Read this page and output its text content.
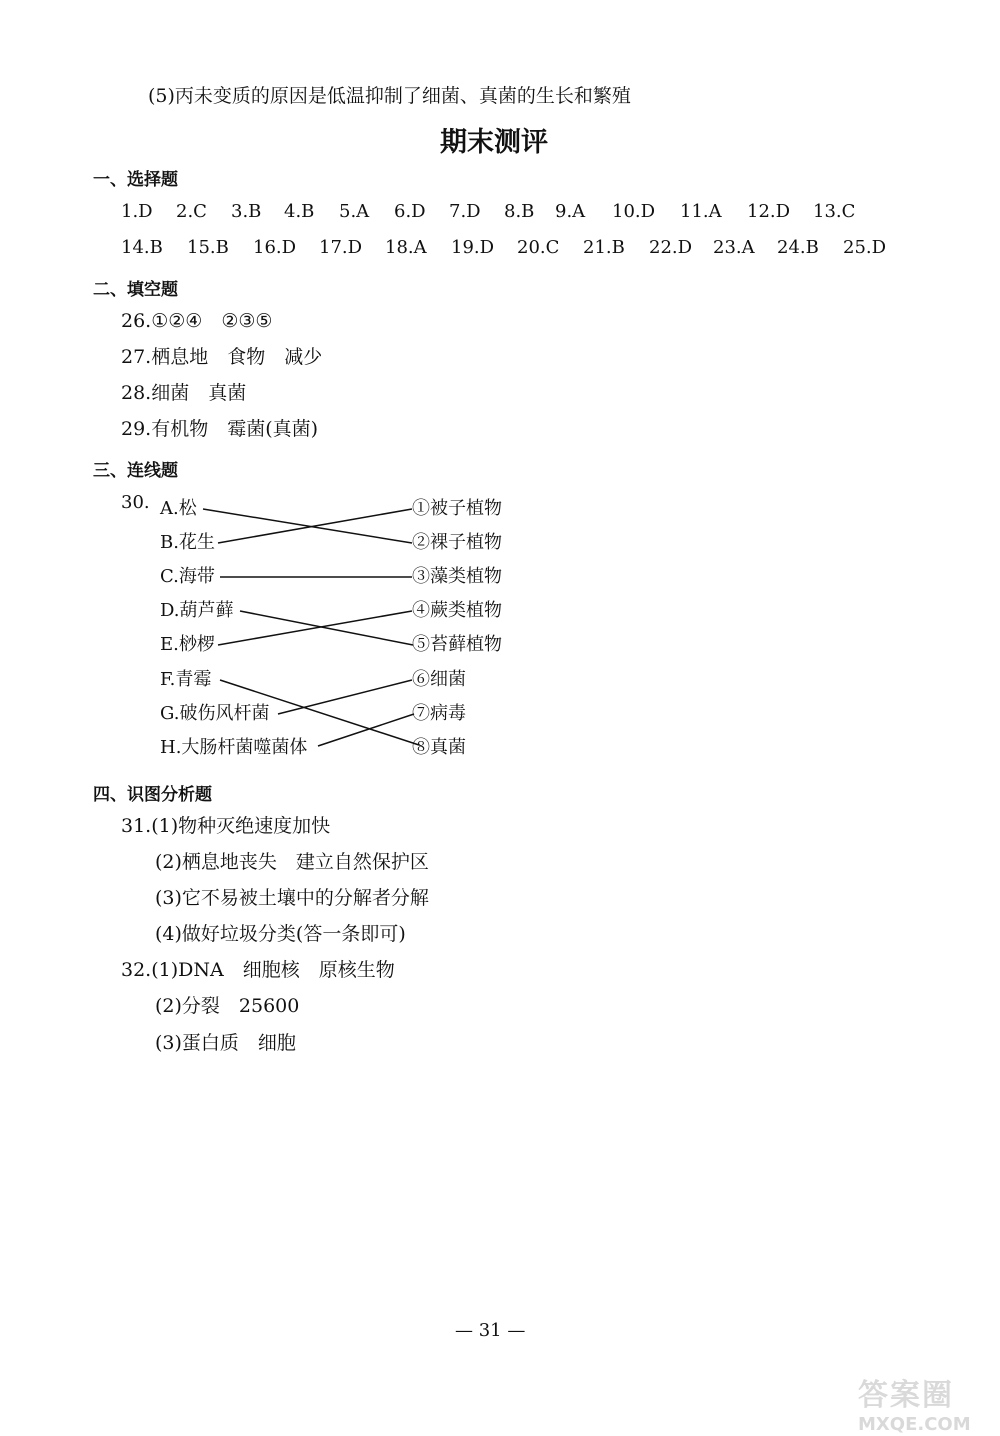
(5)丙未变质的原因是低温抑制了细菌、真菌的生长和繁殖
期末测评
一、选择题
1.D 2.C 3.B 4.B 5.A 6.D 7.D 8.B 9.A 10.D 11.A 12.D 13.C
14.B 15.B 16.D 17.D 18.A 19.D 20.C 21.B 22.D 23.A 24.B 25.D
二、填空题
26.①②④　②③⑤
27.栖息地　食物　减少
28.细菌　真菌
29.有机物　霉菌(真菌)
三、连线题
30. A.松
B.花生
C.海带
D.葫芦藓
E.桫椤
F.青霉
G.破伤风杆菌
H.大肠杆菌噬菌体
①被子植物
②裸子植物
③藻类植物
④蕨类植物
⑤苔藓植物
⑥细菌
⑦病毒
⑧真菌
四、识图分析题
31.(1)物种灭绝速度加快
(2)栖息地丧失　建立自然保护区
(3)它不易被土壤中的分解者分解
(4)做好垃圾分类(答一条即可)
32.(1)DNA　细胞核　原核生物
(2)分裂　25600
(3)蛋白质　细胞
— 31 —
答案圈
MXQE.COM
